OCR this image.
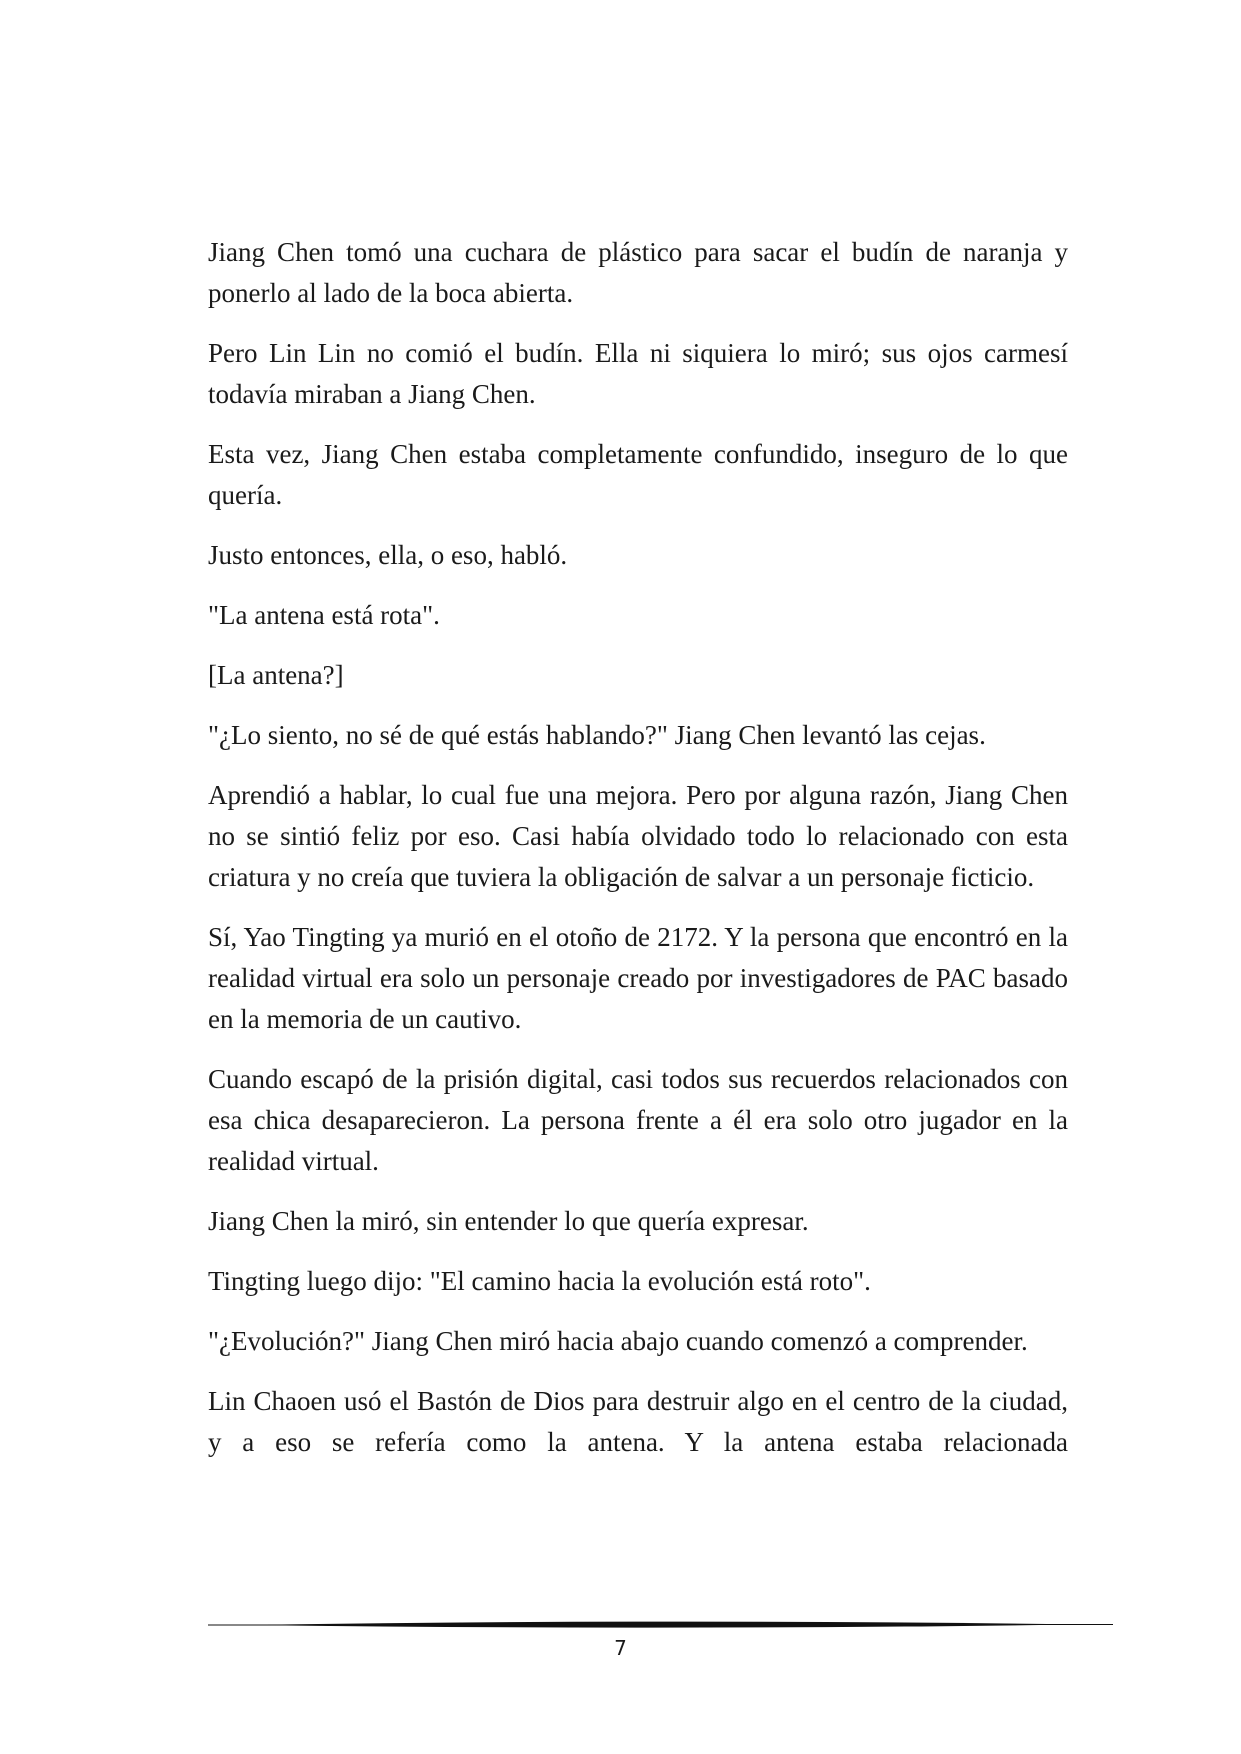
Jiang Chen tomó una cuchara de plástico para sacar el budín de naranja y ponerlo al lado de la boca abierta.

Pero Lin Lin no comió el budín. Ella ni siquiera lo miró; sus ojos carmesí todavía miraban a Jiang Chen.

Esta vez, Jiang Chen estaba completamente confundido, inseguro de lo que quería.

Justo entonces, ella, o eso, habló.

"La antena está rota".

[La antena?]

"¿Lo siento, no sé de qué estás hablando?" Jiang Chen levantó las cejas.

Aprendió a hablar, lo cual fue una mejora. Pero por alguna razón, Jiang Chen no se sintió feliz por eso. Casi había olvidado todo lo relacionado con esta criatura y no creía que tuviera la obligación de salvar a un personaje ficticio.

Sí, Yao Tingting ya murió en el otoño de 2172. Y la persona que encontró en la realidad virtual era solo un personaje creado por investigadores de PAC basado en la memoria de un cautivo.

Cuando escapó de la prisión digital, casi todos sus recuerdos relacionados con esa chica desaparecieron. La persona frente a él era solo otro jugador en la realidad virtual.

Jiang Chen la miró, sin entender lo que quería expresar.

Tingting luego dijo: "El camino hacia la evolución está roto".

"¿Evolución?" Jiang Chen miró hacia abajo cuando comenzó a comprender.

Lin Chaoen usó el Bastón de Dios para destruir algo en el centro de la ciudad, y a eso se refería como la antena. Y la antena estaba relacionada

7
